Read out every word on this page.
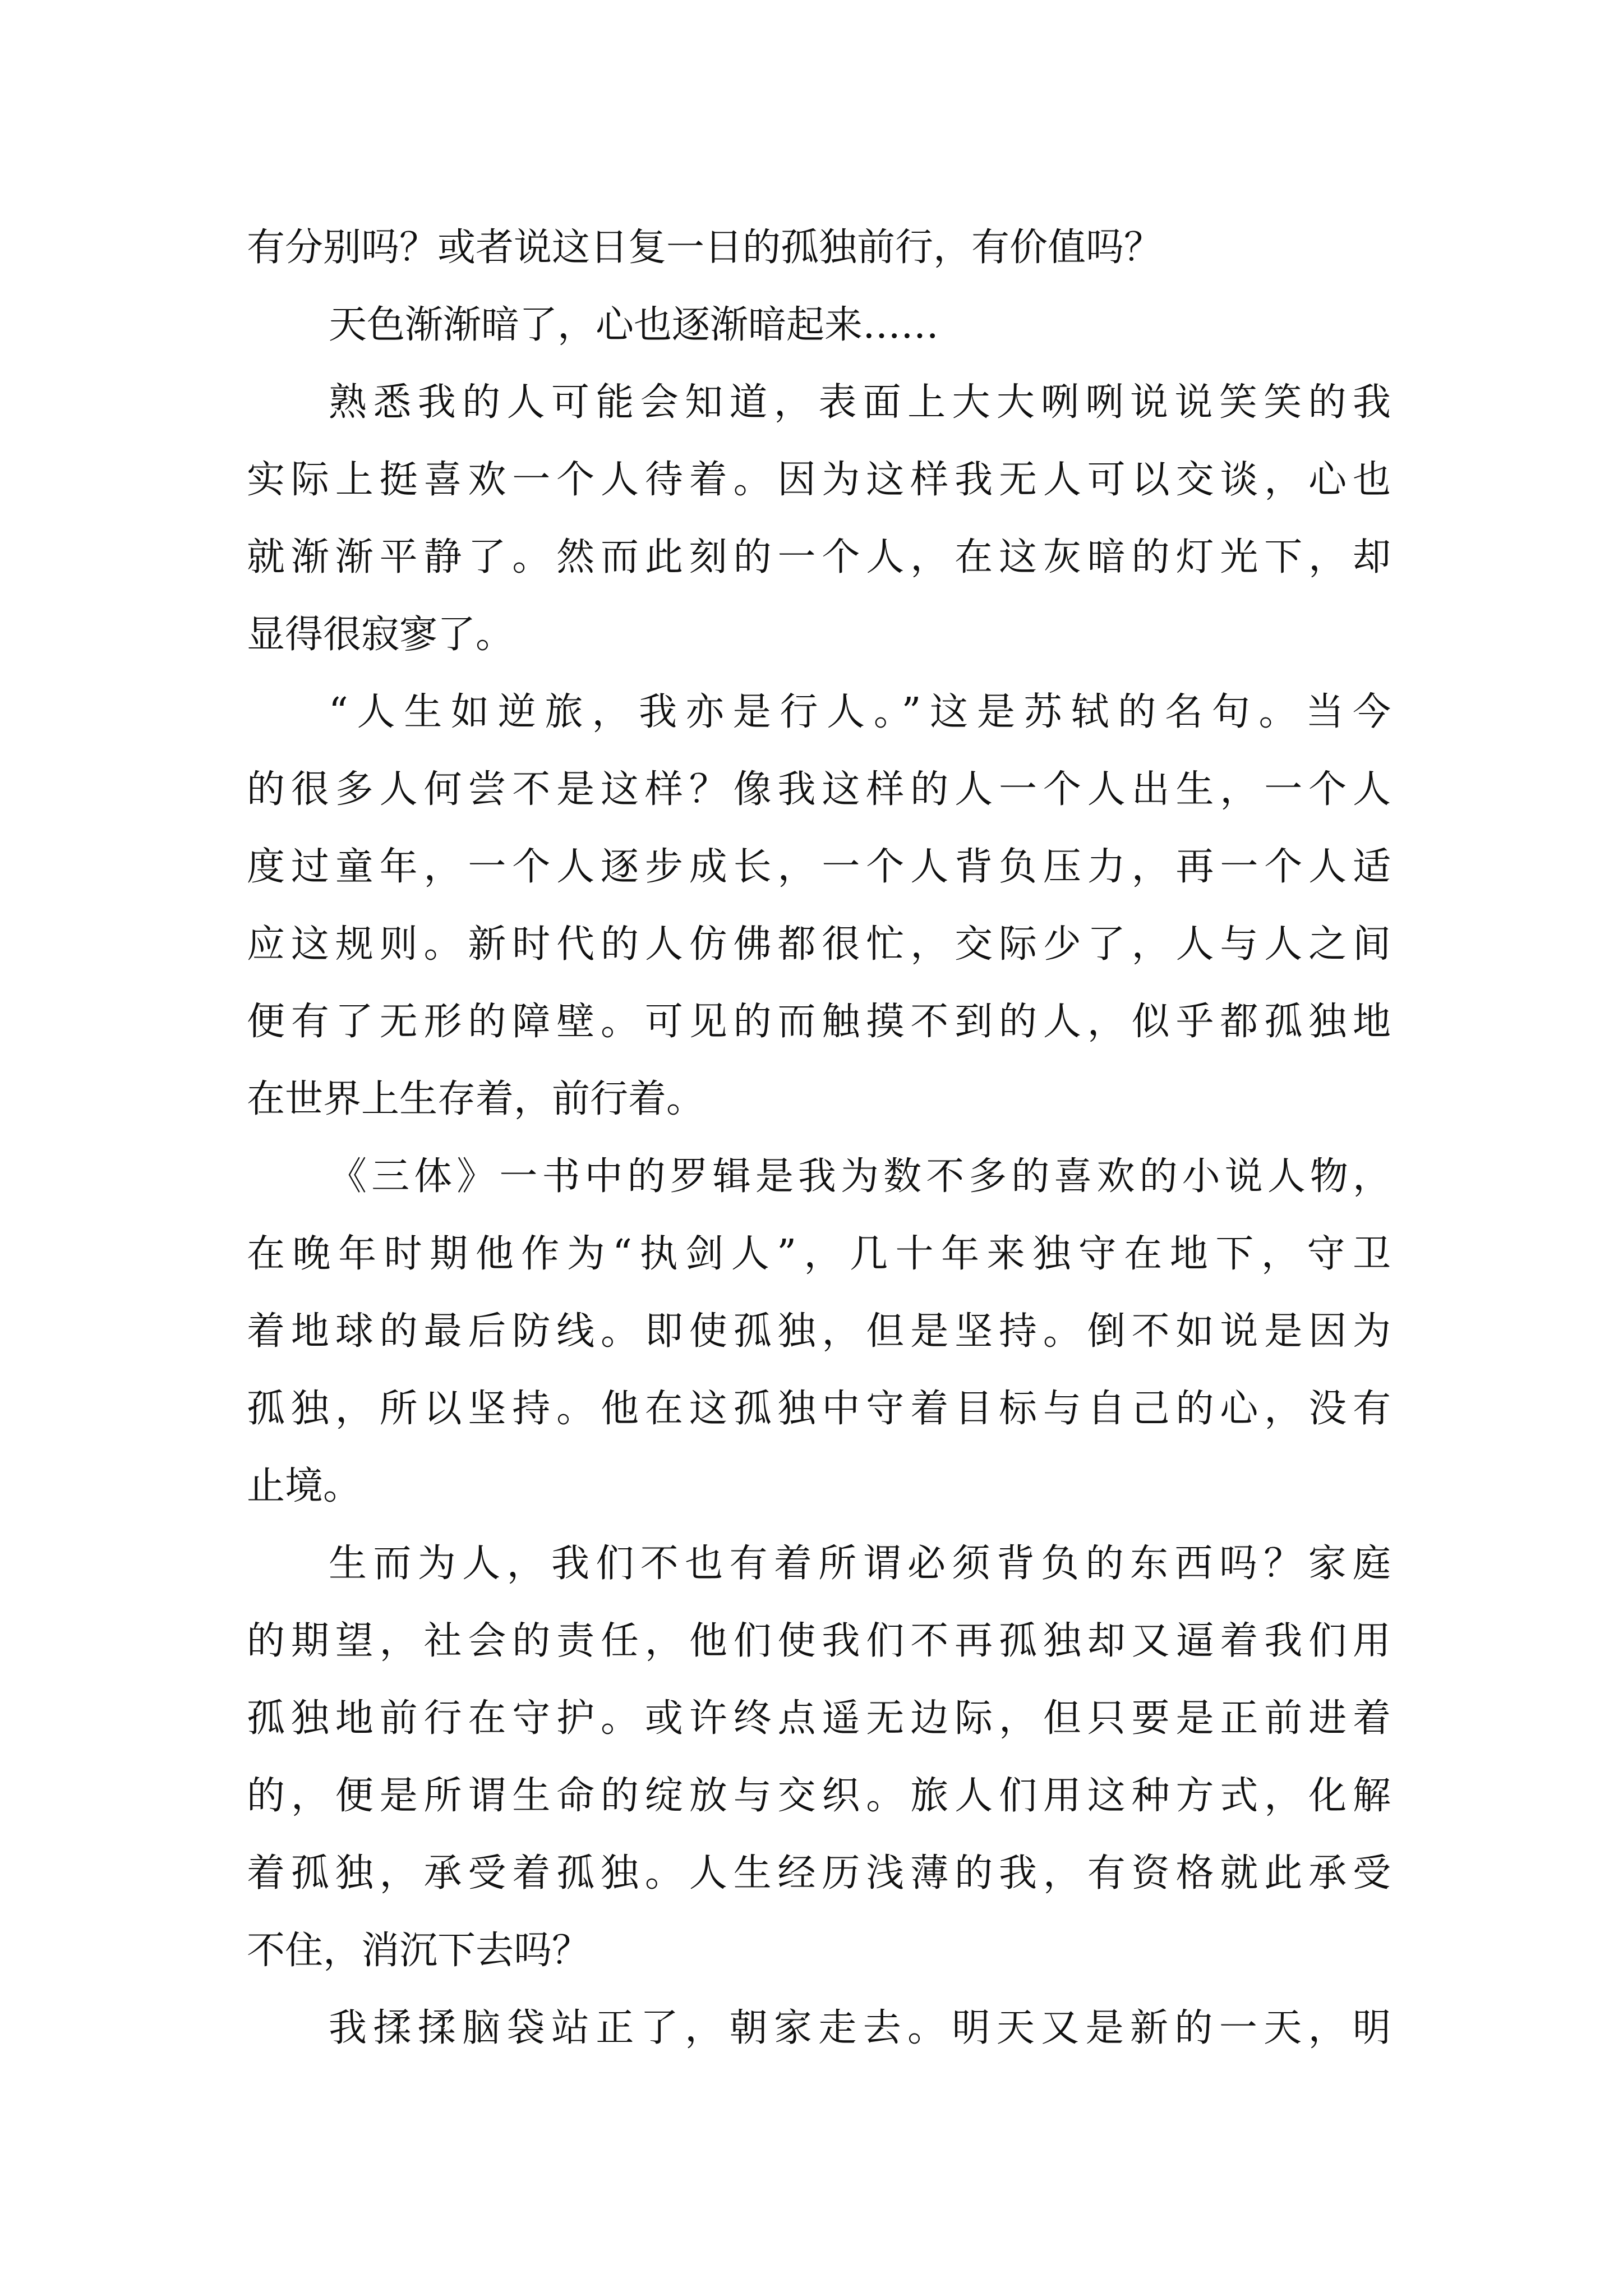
有分别吗？或者说这日复一日的孤独前行，有价值吗？

天色渐渐暗了，心也逐渐暗起来……

熟悉我的人可能会知道，表面上大大咧咧说说笑笑的我

实际上挺喜欢一个人待着。因为这样我无人可以交谈，心也

就渐渐平静了。然而此刻的一个人，在这灰暗的灯光下，却

显得很寂寥了。

“人生如逆旅，我亦是行人。”这是苏轼的名句。当今

的很多人何尝不是这样？像我这样的人一个人出生，一个人

度过童年，一个人逐步成长，一个人背负压力，再一个人适

应这规则。新时代的人仿佛都很忙，交际少了，人与人之间

便有了无形的障壁。可见的而触摸不到的人，似乎都孤独地

在世界上生存着，前行着。

《三体》一书中的罗辑是我为数不多的喜欢的小说人物，

在晚年时期他作为“执剑人”，几十年来独守在地下，守卫

着地球的最后防线。即使孤独，但是坚持。倒不如说是因为

孤独，所以坚持。他在这孤独中守着目标与自己的心，没有

止境。

生而为人，我们不也有着所谓必须背负的东西吗？家庭

的期望，社会的责任，他们使我们不再孤独却又逼着我们用

孤独地前行在守护。或许终点遥无边际，但只要是正前进着

的，便是所谓生命的绽放与交织。旅人们用这种方式，化解

着孤独，承受着孤独。人生经历浅薄的我，有资格就此承受

不住，消沉下去吗？

我揉揉脑袋站正了，朝家走去。明天又是新的一天，明
